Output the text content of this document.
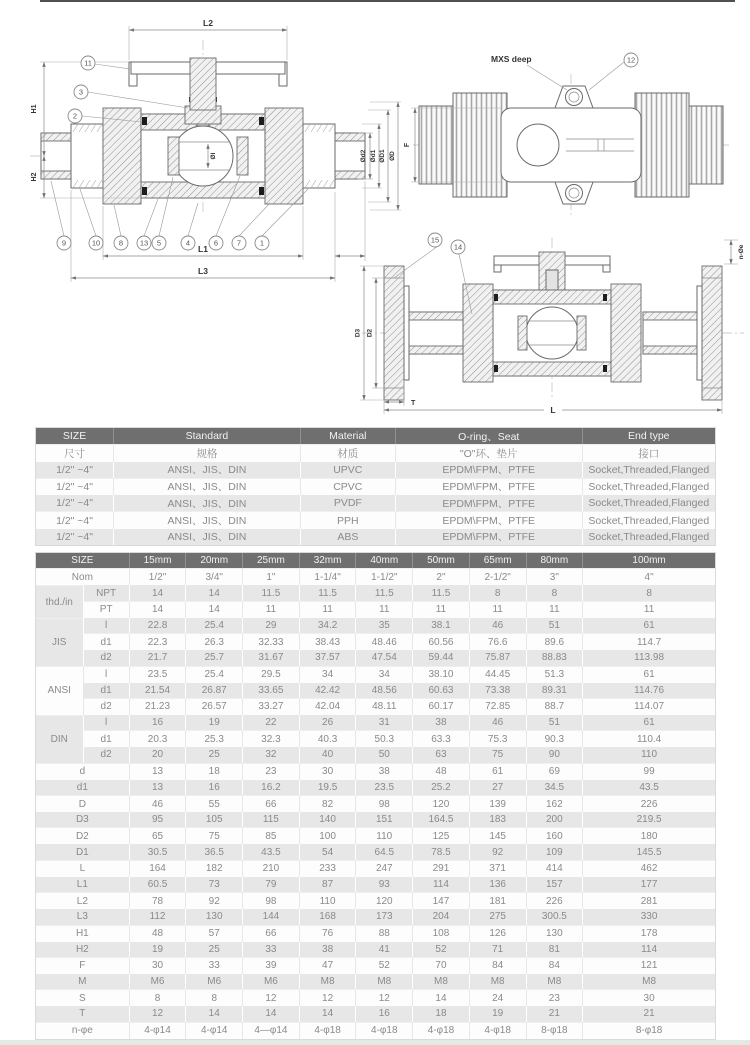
L2
H1
H2
L1
L3
Ød2 Ød1 ØD1 ØD
Øl
11
3
2
9	10 8 13 5	4	6	7	1
MXS deep	12
F
D3 D2
T
L
n-Øe
15
14
SIZE	Standard	Material	O-ring、Seat	End type
尺寸	规格	材质	"O"环、垫片	接口
1/2" ~4"	ANSI、JIS、DIN	UPVC	EPDM\FPM、PTFE	Socket,Threaded,Flanged
1/2" ~4"	ANSI、JIS、DIN	CPVC	EPDM\FPM、PTFE	Socket,Threaded,Flanged
1/2" ~4"	ANSI、JIS、DIN	PVDF	EPDM\FPM、PTFE	Socket,Threaded,Flanged
1/2" ~4"	ANSI、JIS、DIN	PPH	EPDM\FPM、PTFE	Socket,Threaded,Flanged
1/2" ~4"	ANSI、JIS、DIN	ABS	EPDM\FPM、PTFE	Socket,Threaded,Flanged
SIZE		15mm	20mm	25mm	32mm	40mm	50mm	65mm	80mm	100mm
Nom		1/2"	3/4"	1"	1-1/4"	1-1/2"	2"	2-1/2"	3"	4"
thd./in	NPT	14	14	11.5	11.5	11.5	11.5	8	8	8
	PT	14	14	11	11	11	11	11	11	11
JIS	l	22.8	25.4	29	34.2	35	38.1	46	51	61
	d1	22.3	26.3	32.33	38.43	48.46	60.56	76.6	89.6	114.7
	d2	21.7	25.7	31.67	37.57	47.54	59.44	75.87	88.83	113.98
ANSI	l	23.5	25.4	29.5	34	34	38.10	44.45	51.3	61
	d1	21.54	26.87	33.65	42.42	48.56	60.63	73.38	89.31	114.76
	d2	21.23	26.57	33.27	42.04	48.11	60.17	72.85	88.7	114.07
DIN	l	16	19	22	26	31	38	46	51	61
	d1	20.3	25.3	32.3	40.3	50.3	63.3	75.3	90.3	110.4
	d2	20	25	32	40	50	63	75	90	110
d		13	18	23	30	38	48	61	69	99
d1		13	16	16.2	19.5	23.5	25.2	27	34.5	43.5
D		46	55	66	82	98	120	139	162	226
D3		95	105	115	140	151	164.5	183	200	219.5
D2		65	75	85	100	110	125	145	160	180
D1		30.5	36.5	43.5	54	64.5	78.5	92	109	145.5
L		164	182	210	233	247	291	371	414	462
L1		60.5	73	79	87	93	114	136	157	177
L2		78	92	98	110	120	147	181	226	281
L3		112	130	144	168	173	204	275	300.5	330
H1		48	57	66	76	88	108	126	130	178
H2		19	25	33	38	41	52	71	81	114
F		30	33	39	47	52	70	84	84	121
M		M6	M6	M6	M8	M8	M8	M8	M8	M8
S		8	8	12	12	12	14	24	23	30
T		12	14	14	14	16	18	19	21	21
n-φe		4-φ14	4-φ14	4—φ14	4-φ18	4-φ18	4-φ18	4-φ18	8-φ18	8-φ18
